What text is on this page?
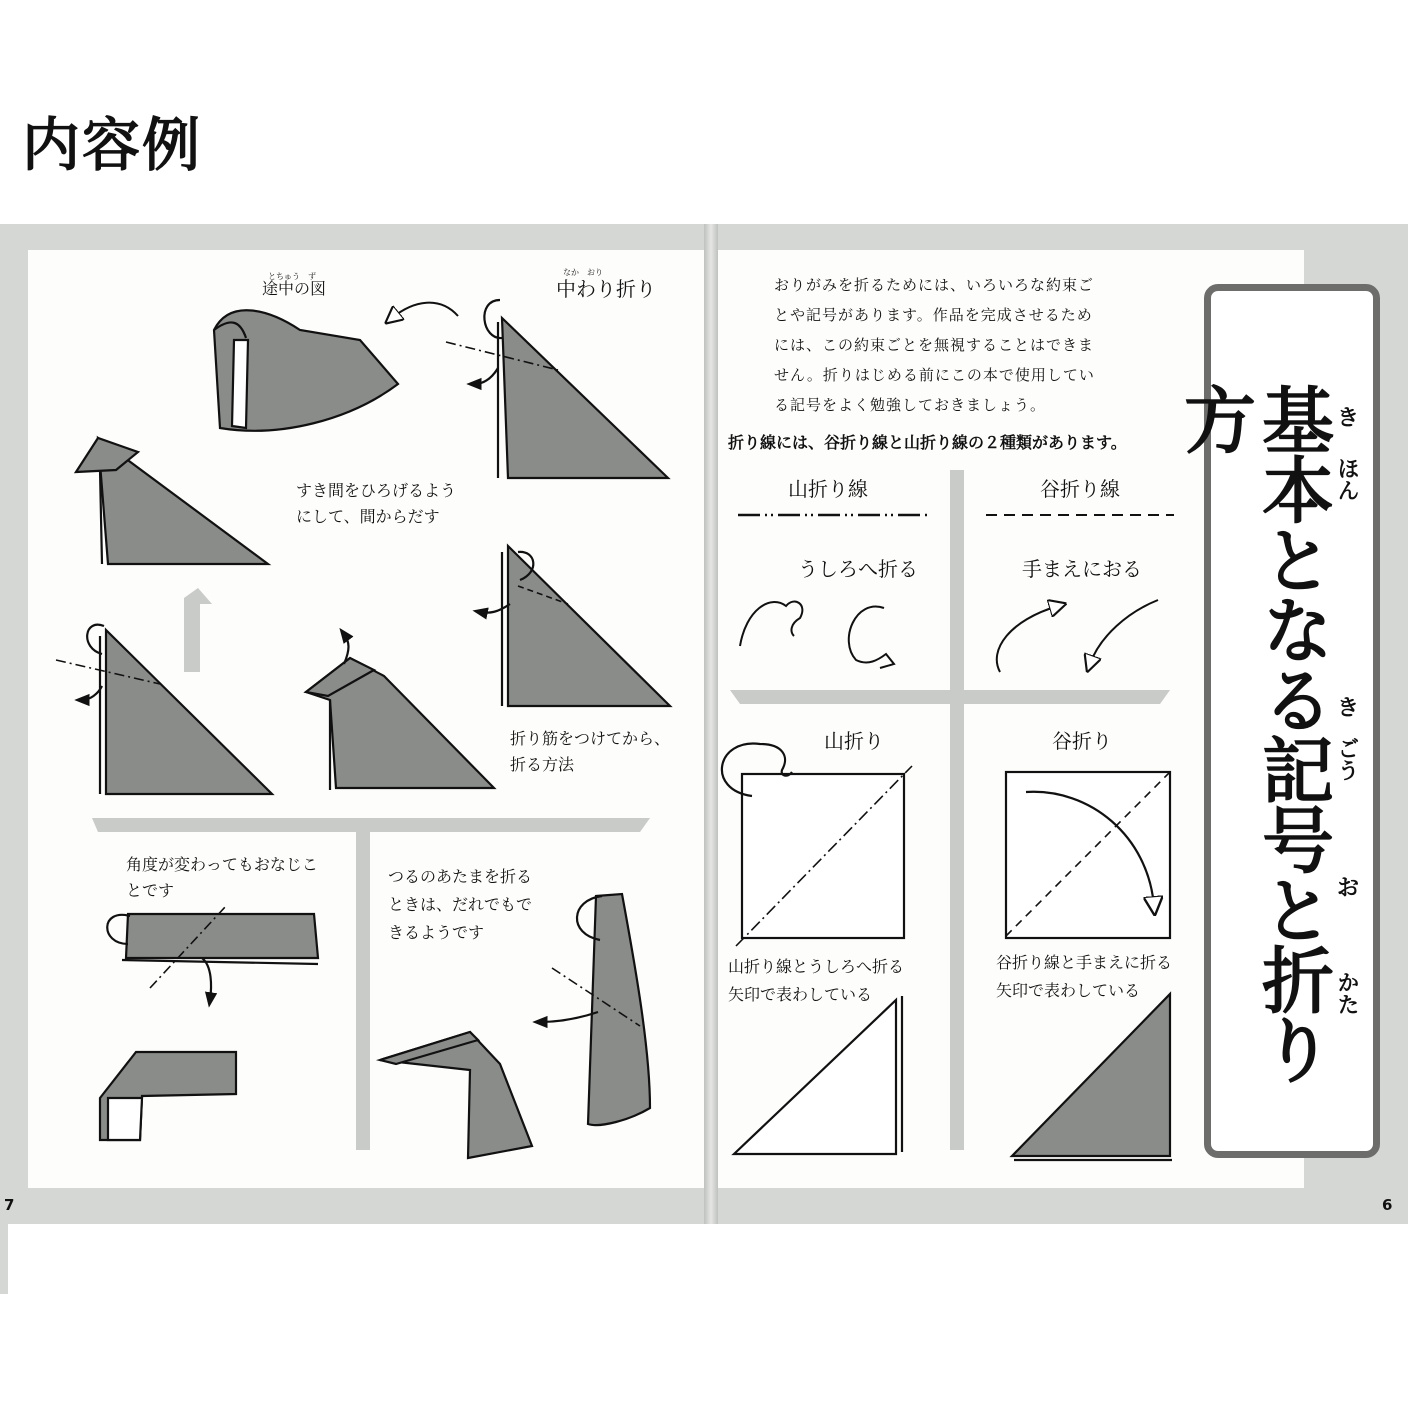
内容例
なか　おり
中わり折り
とちゅう　ず
途中の図
すき間をひろげるよう
にして、間からだす
折り筋をつけてから、
折る方法
角度が変わってもおなじこ
とです
つるのあたまを折る
ときは、だれでもで
きるようです
7
おりがみを折るためには、いろいろな約束ご
とや記号があります。作品を完成させるため
には、この約束ごとを無視することはできま
せん。折りはじめる前にこの本で使用してい
る記号をよく勉強しておきましょう。
折り線には、谷折り線と山折り線の２種類があります。
山折り線	谷折り線
うしろへ折る	手まえにおる
山折り	谷折り
山折り線とうしろへ折る
矢印で表わしている
谷折り線と手まえに折る
矢印で表わしている 基本となる記号と折り方	き
ほん
き
ごう
お
かた
6
